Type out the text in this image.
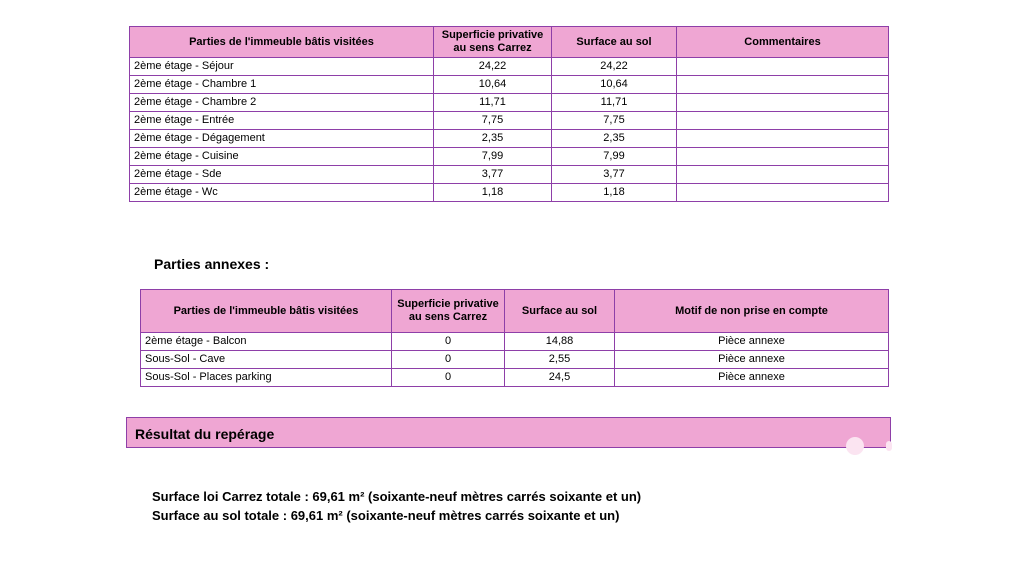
Parties de l'immeuble bâtis visitées	Superficie privative au sens Carrez	Surface au sol	Commentaires
2ème étage - Séjour	24,22	24,22	
2ème étage - Chambre 1	10,64	10,64	
2ème étage - Chambre 2	11,71	11,71	
2ème étage - Entrée	7,75	7,75	
2ème étage - Dégagement	2,35	2,35	
2ème étage - Cuisine	7,99	7,99	
2ème étage - Sde	3,77	3,77	
2ème étage - Wc	1,18	1,18	
Parties annexes :
Parties de l'immeuble bâtis visitées	Superficie privative au sens Carrez	Surface au sol	Motif de non prise en compte
2ème étage - Balcon	0	14,88	Pièce annexe
Sous-Sol - Cave	0	2,55	Pièce annexe
Sous-Sol - Places parking	0	24,5	Pièce annexe
Résultat du repérage
Surface loi Carrez totale : 69,61 m² (soixante-neuf mètres carrés soixante et un)
Surface au sol totale : 69,61 m² (soixante-neuf mètres carrés soixante et un)
